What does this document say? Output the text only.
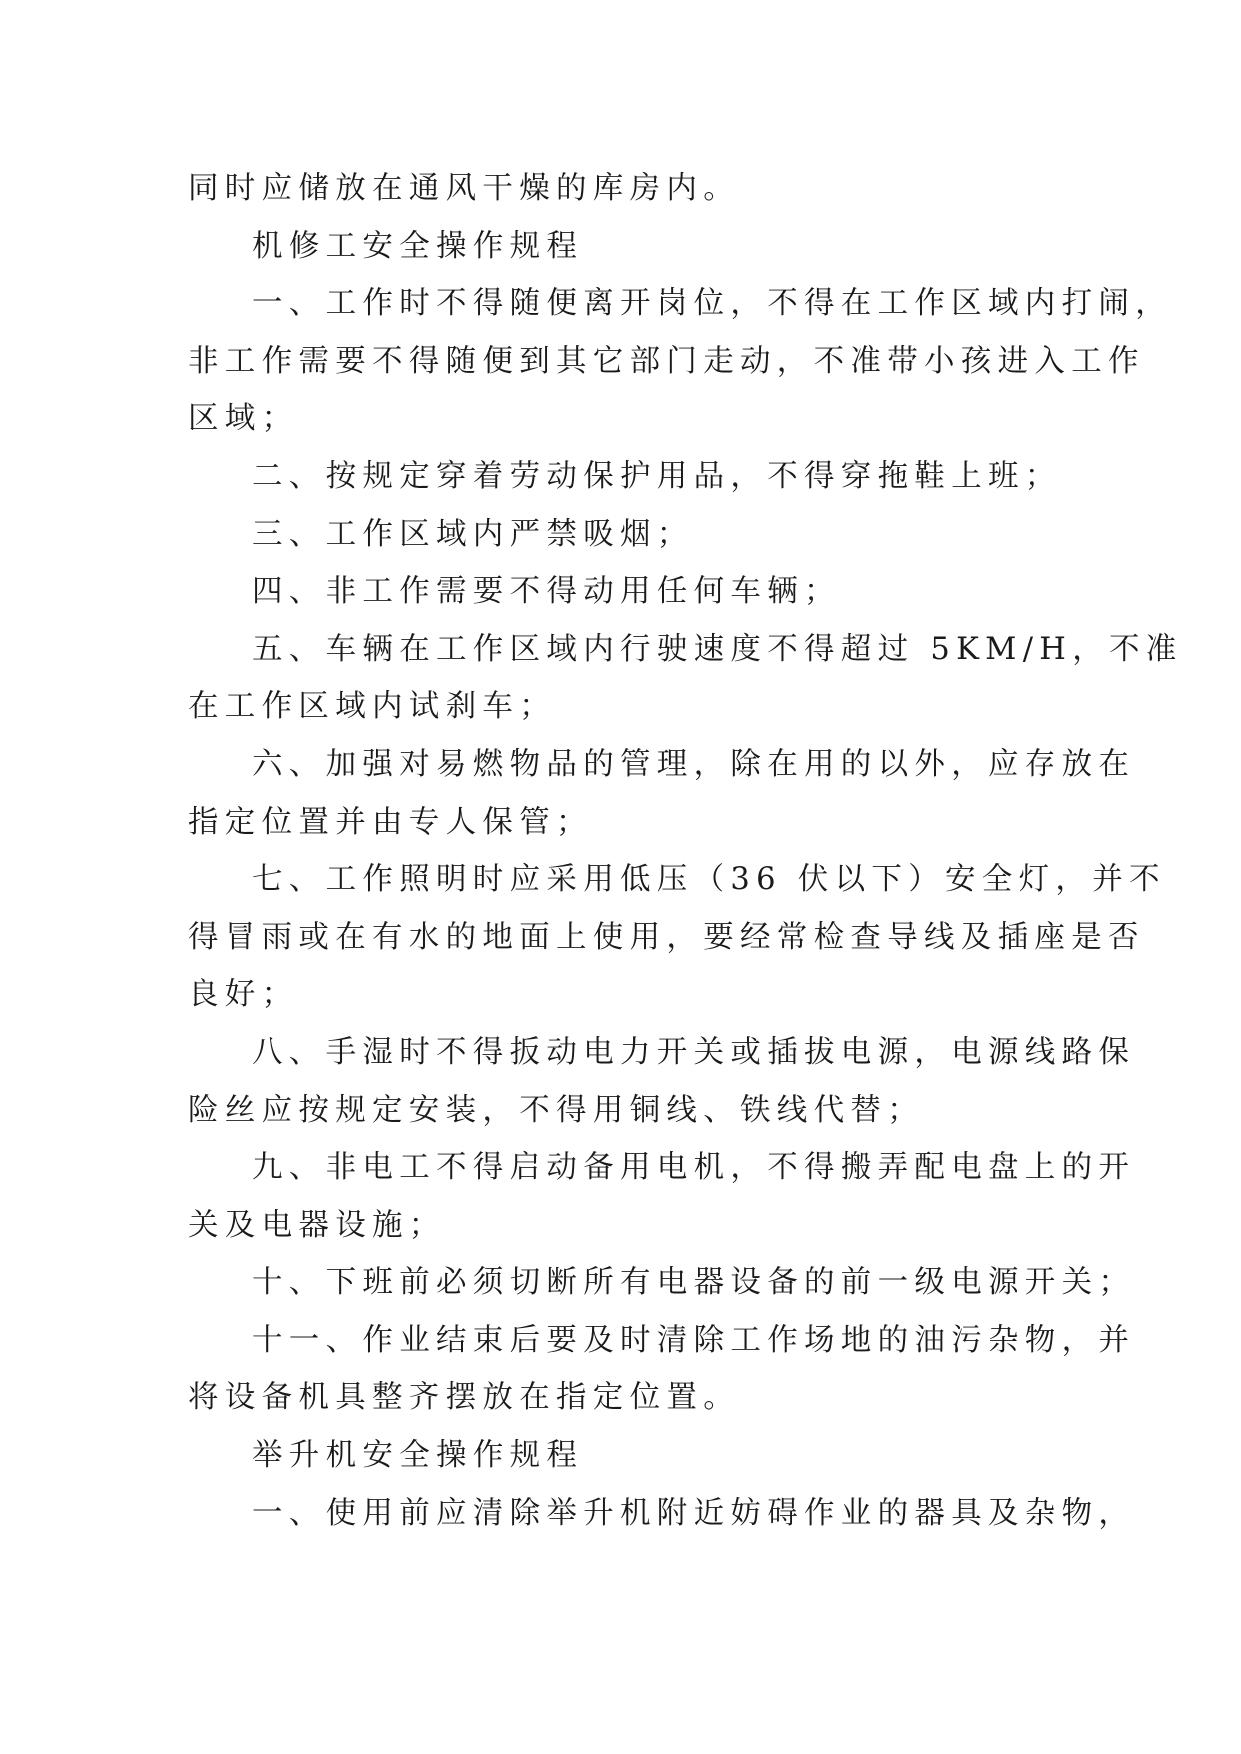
同时应储放在通风干燥的库房内。
机修工安全操作规程
一、工作时不得随便离开岗位，不得在工作区域内打闹，
非工作需要不得随便到其它部门走动，不准带小孩进入工作
区域；
二、按规定穿着劳动保护用品，不得穿拖鞋上班；
三、工作区域内严禁吸烟；
四、非工作需要不得动用任何车辆；
五、车辆在工作区域内行驶速度不得超过 5KM/H，不准
在工作区域内试刹车；
六、加强对易燃物品的管理，除在用的以外，应存放在
指定位置并由专人保管；
七、工作照明时应采用低压（36 伏以下）安全灯，并不
得冒雨或在有水的地面上使用，要经常检查导线及插座是否
良好；
八、手湿时不得扳动电力开关或插拔电源，电源线路保
险丝应按规定安装，不得用铜线、铁线代替；
九、非电工不得启动备用电机，不得搬弄配电盘上的开
关及电器设施；
十、下班前必须切断所有电器设备的前一级电源开关；
十一、作业结束后要及时清除工作场地的油污杂物，并
将设备机具整齐摆放在指定位置。
举升机安全操作规程
一、使用前应清除举升机附近妨碍作业的器具及杂物，
